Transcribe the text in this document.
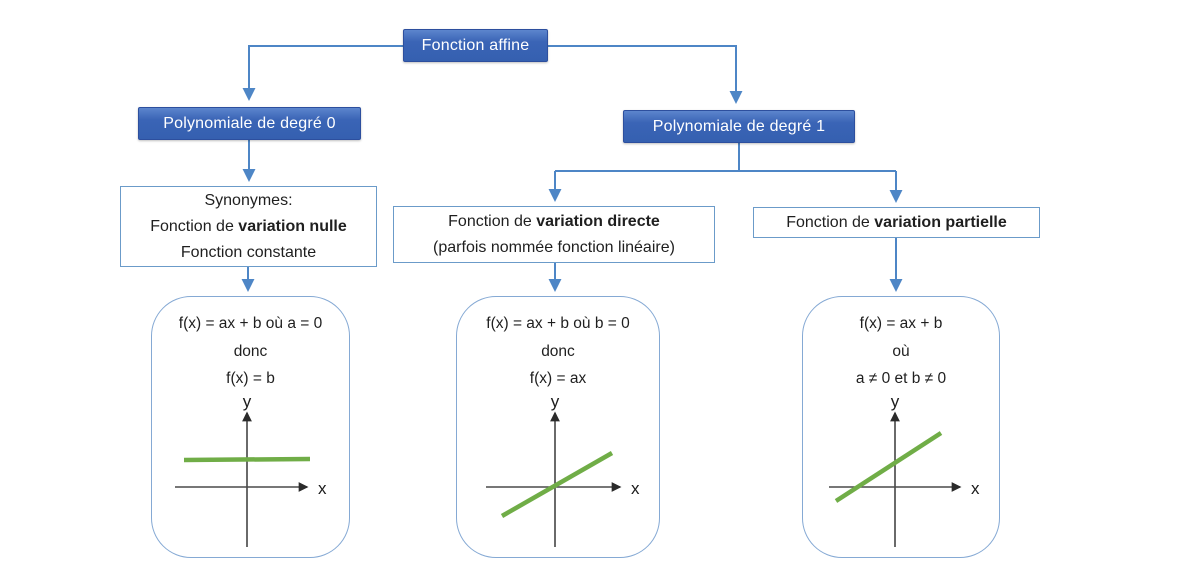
Fonction affine
Polynomiale de degré 0	Polynomiale de degré 1
Synonymes:
Fonction de variation nulle
Fonction constante
Fonction de variation directe
(parfois nommée fonction linéaire)
Fonction de variation partielle
f(x) = ax + b où a = 0
donc
f(x) = b
y
x
f(x) = ax + b où b = 0
donc
f(x) = ax
y
x
f(x) = ax + b
où
a ≠ 0 et b ≠ 0
y
x
